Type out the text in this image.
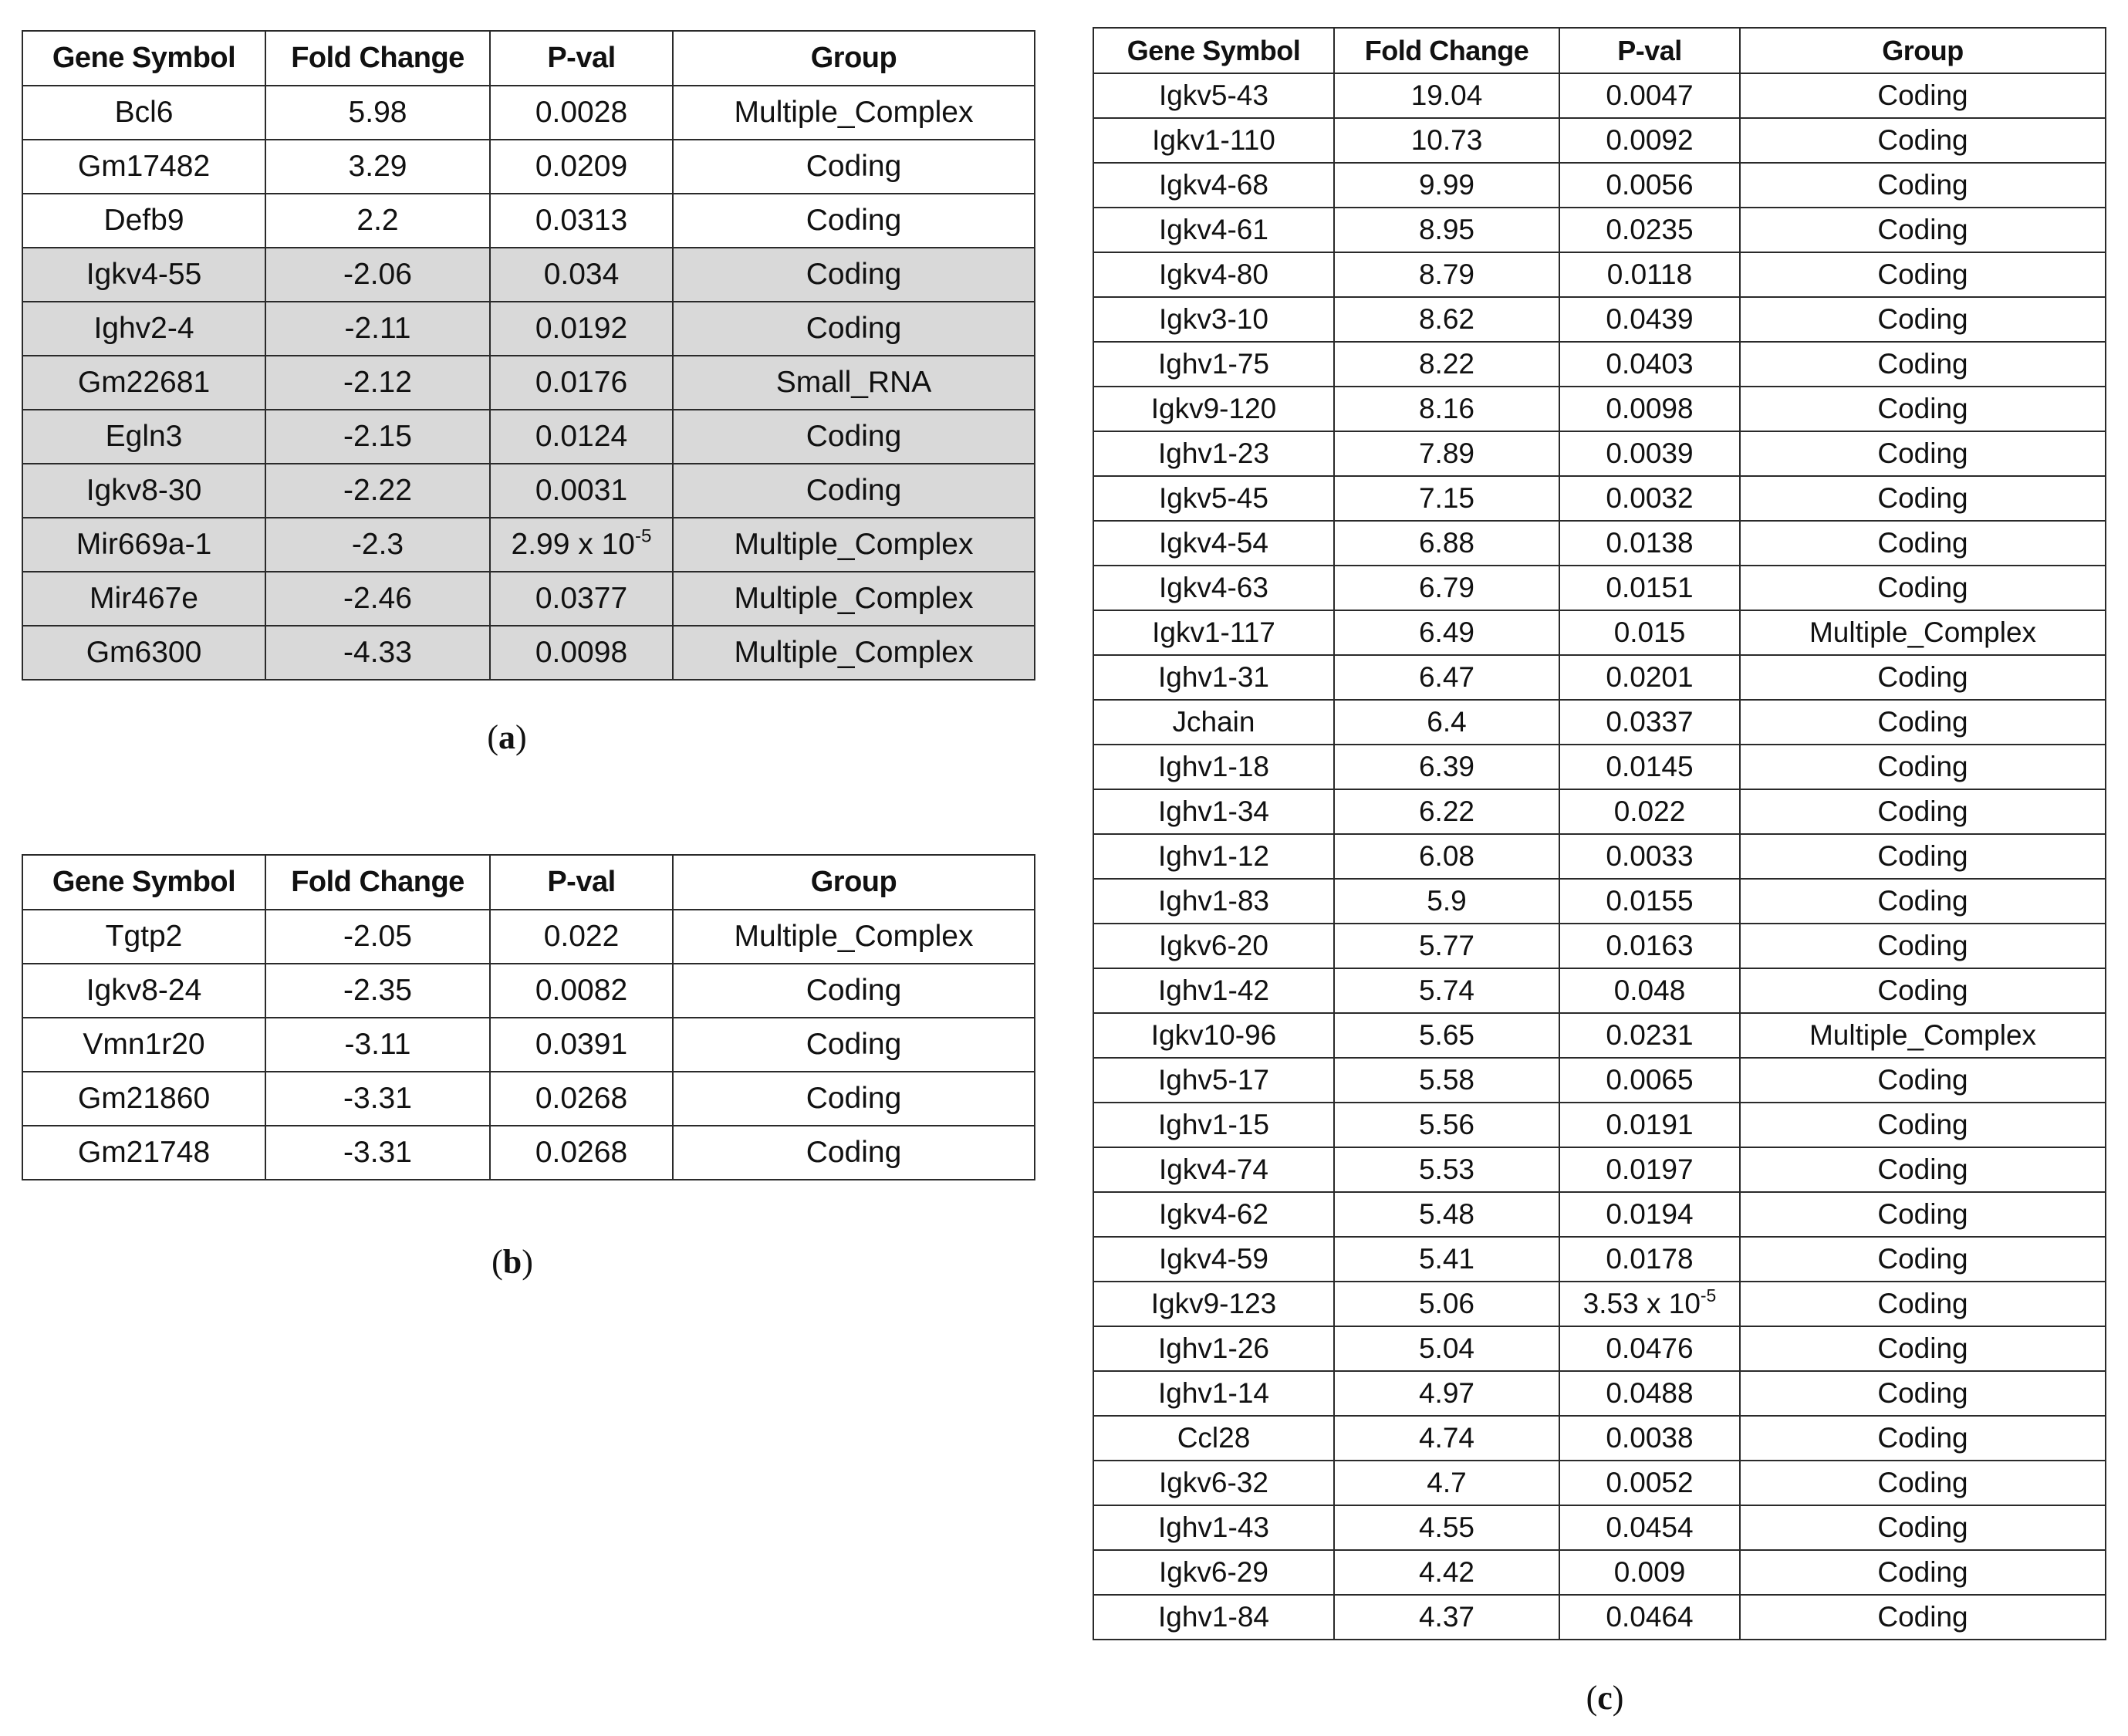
Gene Symbol	Fold Change	P-val	Group
Bcl6	5.98	0.0028	Multiple_Complex
Gm17482	3.29	0.0209	Coding
Defb9	2.2	0.0313	Coding
Igkv4-55	-2.06	0.034	Coding
Ighv2-4	-2.11	0.0192	Coding
Gm22681	-2.12	0.0176	Small_RNA
Egln3	-2.15	0.0124	Coding
Igkv8-30	-2.22	0.0031	Coding
Mir669a-1	-2.3	2.99 x $10^{-5}$	Multiple_Complex
Mir467e	-2.46	0.0377	Multiple_Complex
Gm6300	-4.33	0.0098	Multiple_Complex
(a)
Gene Symbol	Fold Change	P-val	Group
Tgtp2	-2.05	0.022	Multiple_Complex
Igkv8-24	-2.35	0.0082	Coding
Vmn1r20	-3.11	0.0391	Coding
Gm21860	-3.31	0.0268	Coding
Gm21748	-3.31	0.0268	Coding
(b)
Gene Symbol	Fold Change	P-val	Group
Igkv5-43	19.04	0.0047	Coding
Igkv1-110	10.73	0.0092	Coding
Igkv4-68	9.99	0.0056	Coding
Igkv4-61	8.95	0.0235	Coding
Igkv4-80	8.79	0.0118	Coding
Igkv3-10	8.62	0.0439	Coding
Ighv1-75	8.22	0.0403	Coding
Igkv9-120	8.16	0.0098	Coding
Ighv1-23	7.89	0.0039	Coding
Igkv5-45	7.15	0.0032	Coding
Igkv4-54	6.88	0.0138	Coding
Igkv4-63	6.79	0.0151	Coding
Igkv1-117	6.49	0.015	Multiple_Complex
Ighv1-31	6.47	0.0201	Coding
Jchain	6.4	0.0337	Coding
Ighv1-18	6.39	0.0145	Coding
Ighv1-34	6.22	0.022	Coding
Ighv1-12	6.08	0.0033	Coding
Ighv1-83	5.9	0.0155	Coding
Igkv6-20	5.77	0.0163	Coding
Ighv1-42	5.74	0.048	Coding
Igkv10-96	5.65	0.0231	Multiple_Complex
Ighv5-17	5.58	0.0065	Coding
Ighv1-15	5.56	0.0191	Coding
Igkv4-74	5.53	0.0197	Coding
Igkv4-62	5.48	0.0194	Coding
Igkv4-59	5.41	0.0178	Coding
Igkv9-123	5.06	3.53 x $10^{-5}$	Coding
Ighv1-26	5.04	0.0476	Coding
Ighv1-14	4.97	0.0488	Coding
Ccl28	4.74	0.0038	Coding
Igkv6-32	4.7	0.0052	Coding
Ighv1-43	4.55	0.0454	Coding
Igkv6-29	4.42	0.009	Coding
Ighv1-84	4.37	0.0464	Coding
(c)
